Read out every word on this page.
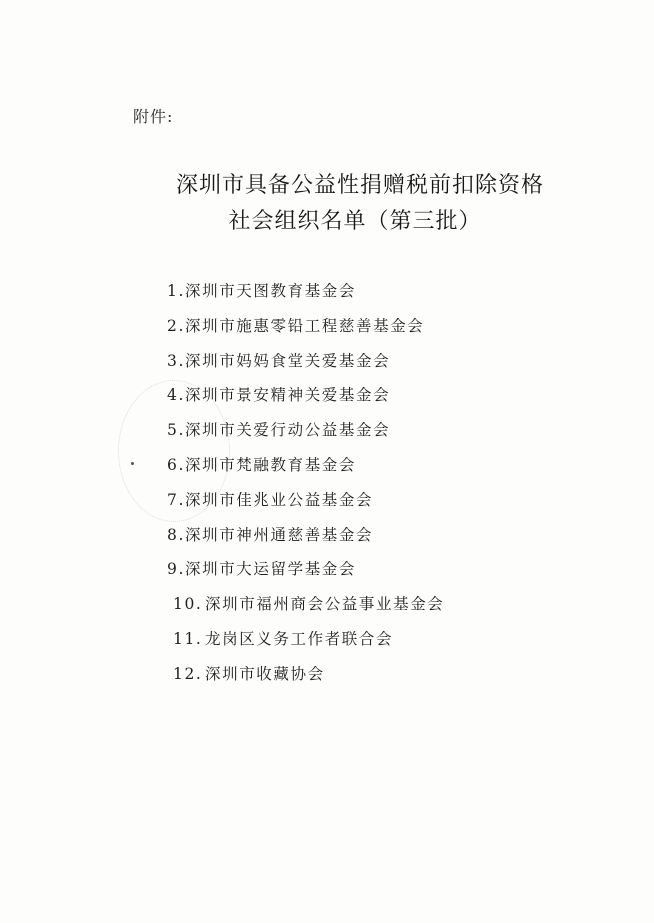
附件:
深圳市具备公益性捐赠税前扣除资格
社会组织名单（第三批）
1.深圳市天图教育基金会
2.深圳市施惠零铅工程慈善基金会
3.深圳市妈妈食堂关爱基金会
4.深圳市景安精神关爱基金会
5.深圳市关爱行动公益基金会
6.深圳市梵融教育基金会
7.深圳市佳兆业公益基金会
8.深圳市神州通慈善基金会
9.深圳市大运留学基金会
10. 深圳市福州商会公益事业基金会
11. 龙岗区义务工作者联合会
12. 深圳市收藏协会
